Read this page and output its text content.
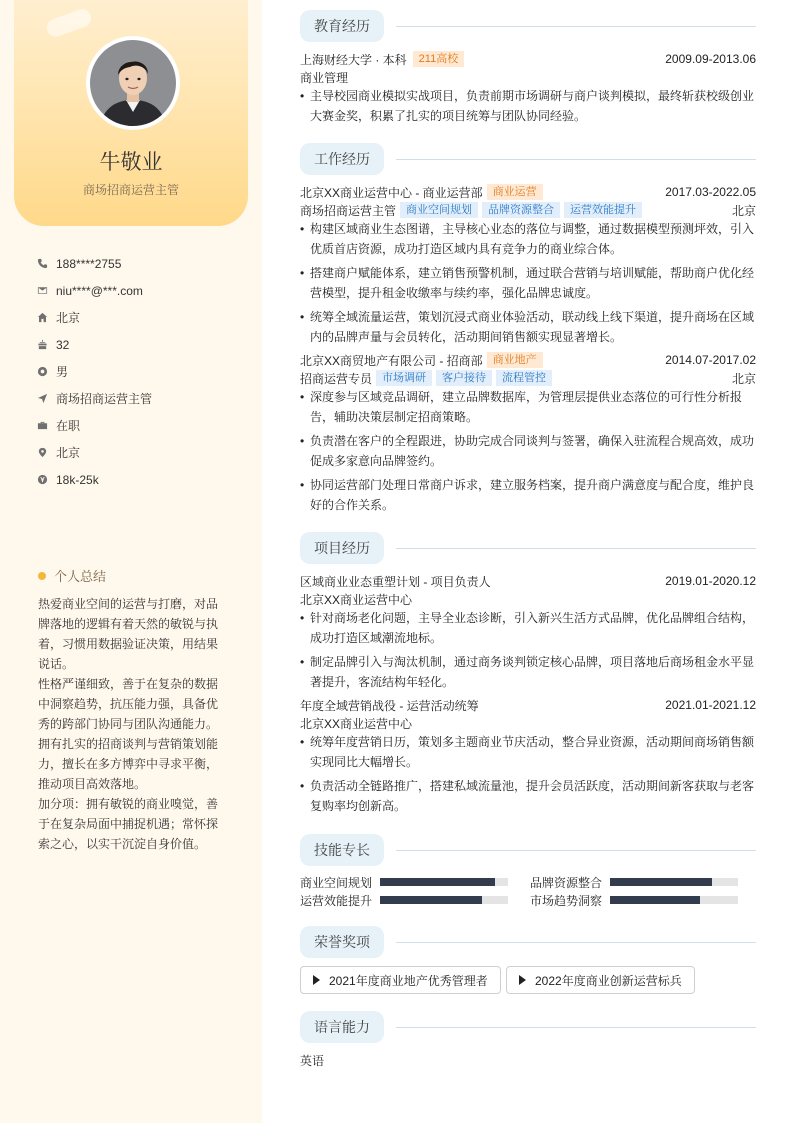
牛敬业
商场招商运营主管
188****2755
niu****@***.com
北京
32
男
商场招商运营主管
在职
北京
18k-25k
个人总结

热爱商业空间的运营与打磨，对品牌落地的逻辑有着天然的敏锐与执着，习惯用数据验证决策，用结果说话。

性格严谨细致，善于在复杂的数据中洞察趋势，抗压能力强，具备优秀的跨部门协同与团队沟通能力。

拥有扎实的招商谈判与营销策划能力，擅长在多方博弈中寻求平衡，推动项目高效落地。

加分项：拥有敏锐的商业嗅觉，善于在复杂局面中捕捉机遇；常怀探索之心，以实干沉淀自身价值。

教育经历
上海财经大学 · 本科	211高校	2009.09-2013.06
商业管理
• 主导校园商业模拟实战项目，负责前期市场调研与商户谈判模拟，最终斩获校级创业大赛金奖，积累了扎实的项目统筹与团队协同经验。
工作经历
北京XX商业运营中心 - 商业运营部 商业运营	2017.03-2022.05
商场招商运营主管 商业空间规划	品牌资源整合	运营效能提升	北京
• 构建区域商业生态图谱，主导核心业态的落位与调整，通过数据模型预测坪效，引入优质首店资源，成功打造区域内具有竞争力的商业综合体。
• 搭建商户赋能体系，建立销售预警机制，通过联合营销与培训赋能，帮助商户优化经营模型，提升租金收缴率与续约率，强化品牌忠诚度。
• 统筹全域流量运营，策划沉浸式商业体验活动，联动线上线下渠道，提升商场在区域内的品牌声量与会员转化，活动期间销售额实现显著增长。
北京XX商贸地产有限公司 - 招商部 商业地产	2014.07-2017.02
招商运营专员 市场调研	客户接待	流程管控	北京
• 深度参与区域竞品调研，建立品牌数据库，为管理层提供业态落位的可行性分析报告，辅助决策层制定招商策略。
• 负责潜在客户的全程跟进，协助完成合同谈判与签署，确保入驻流程合规高效，成功促成多家意向品牌签约。
• 协同运营部门处理日常商户诉求，建立服务档案，提升商户满意度与配合度，维护良好的合作关系。
项目经历
区域商业业态重塑计划 - 项目负责人	2019.01-2020.12
北京XX商业运营中心
• 针对商场老化问题，主导全业态诊断，引入新兴生活方式品牌，优化品牌组合结构，成功打造区域潮流地标。
• 制定品牌引入与淘汰机制，通过商务谈判锁定核心品牌，项目落地后商场租金水平显著提升，客流结构年轻化。
年度全域营销战役 - 运营活动统筹	2021.01-2021.12
北京XX商业运营中心
• 统筹年度营销日历，策划多主题商业节庆活动，整合异业资源，活动期间商场销售额实现同比大幅增长。
• 负责活动全链路推广，搭建私域流量池，提升会员活跃度，活动期间新客获取与老客复购率均创新高。
技能专长
商业空间规划	品牌资源整合
运营效能提升	市场趋势洞察
荣誉奖项
2021年度商业地产优秀管理者	2022年度商业创新运营标兵
语言能力
英语
